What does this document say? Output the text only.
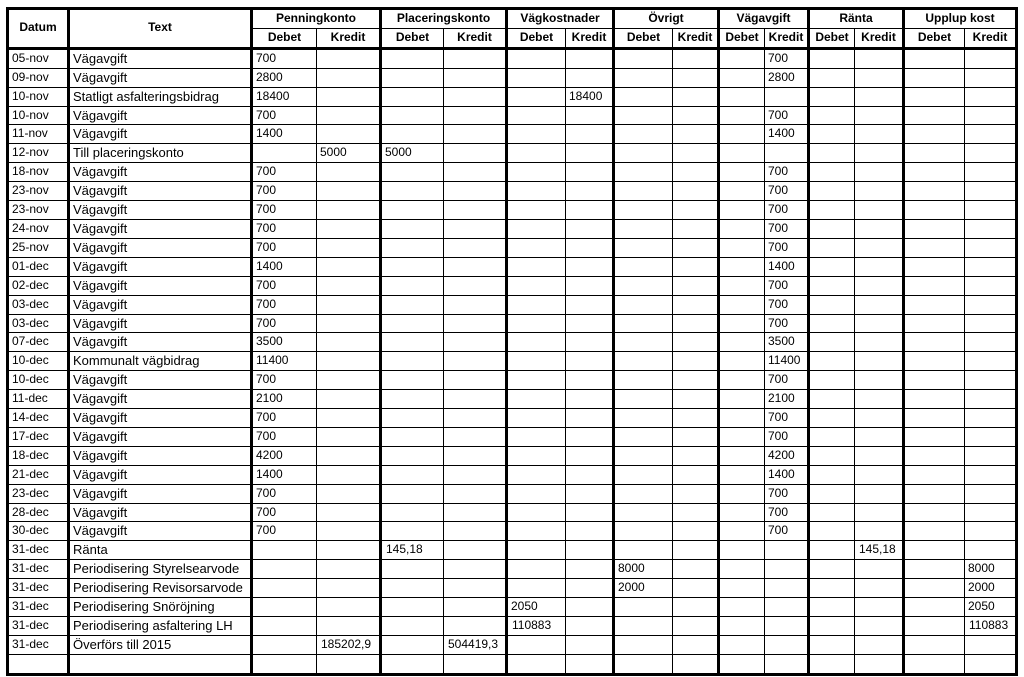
Datum	Text	Penningkonto		Placeringskonto		Vägkostnader		Övrigt		Vägavgift		Ränta		Upplup kost	
		Debet	Kredit	Debet	Kredit	Debet	Kredit	Debet	Kredit	Debet	Kredit	Debet	Kredit	Debet	Kredit
05-nov	Vägavgift	700									700				
09-nov	Vägavgift	2800									2800				
10-nov	Statligt asfalteringsbidrag	18400					18400								
10-nov	Vägavgift	700									700				
11-nov	Vägavgift	1400									1400				
12-nov	Till placeringskonto		5000	5000											
18-nov	Vägavgift	700									700				
23-nov	Vägavgift	700									700				
23-nov	Vägavgift	700									700				
24-nov	Vägavgift	700									700				
25-nov	Vägavgift	700									700				
01-dec	Vägavgift	1400									1400				
02-dec	Vägavgift	700									700				
03-dec	Vägavgift	700									700				
03-dec	Vägavgift	700									700				
07-dec	Vägavgift	3500									3500				
10-dec	Kommunalt vägbidrag	11400									11400				
10-dec	Vägavgift	700									700				
11-dec	Vägavgift	2100									2100				
14-dec	Vägavgift	700									700				
17-dec	Vägavgift	700									700				
18-dec	Vägavgift	4200									4200				
21-dec	Vägavgift	1400									1400				
23-dec	Vägavgift	700									700				
28-dec	Vägavgift	700									700				
30-dec	Vägavgift	700									700				
31-dec	Ränta			145,18									145,18		
31-dec	Periodisering Styrelsearvode							8000							8000
31-dec	Periodisering Revisorsarvode							2000							2000
31-dec	Periodisering Snöröjning					2050									2050
31-dec	Periodisering asfaltering LH					110883									110883
31-dec	Överförs till 2015		185202,9		504419,3										
